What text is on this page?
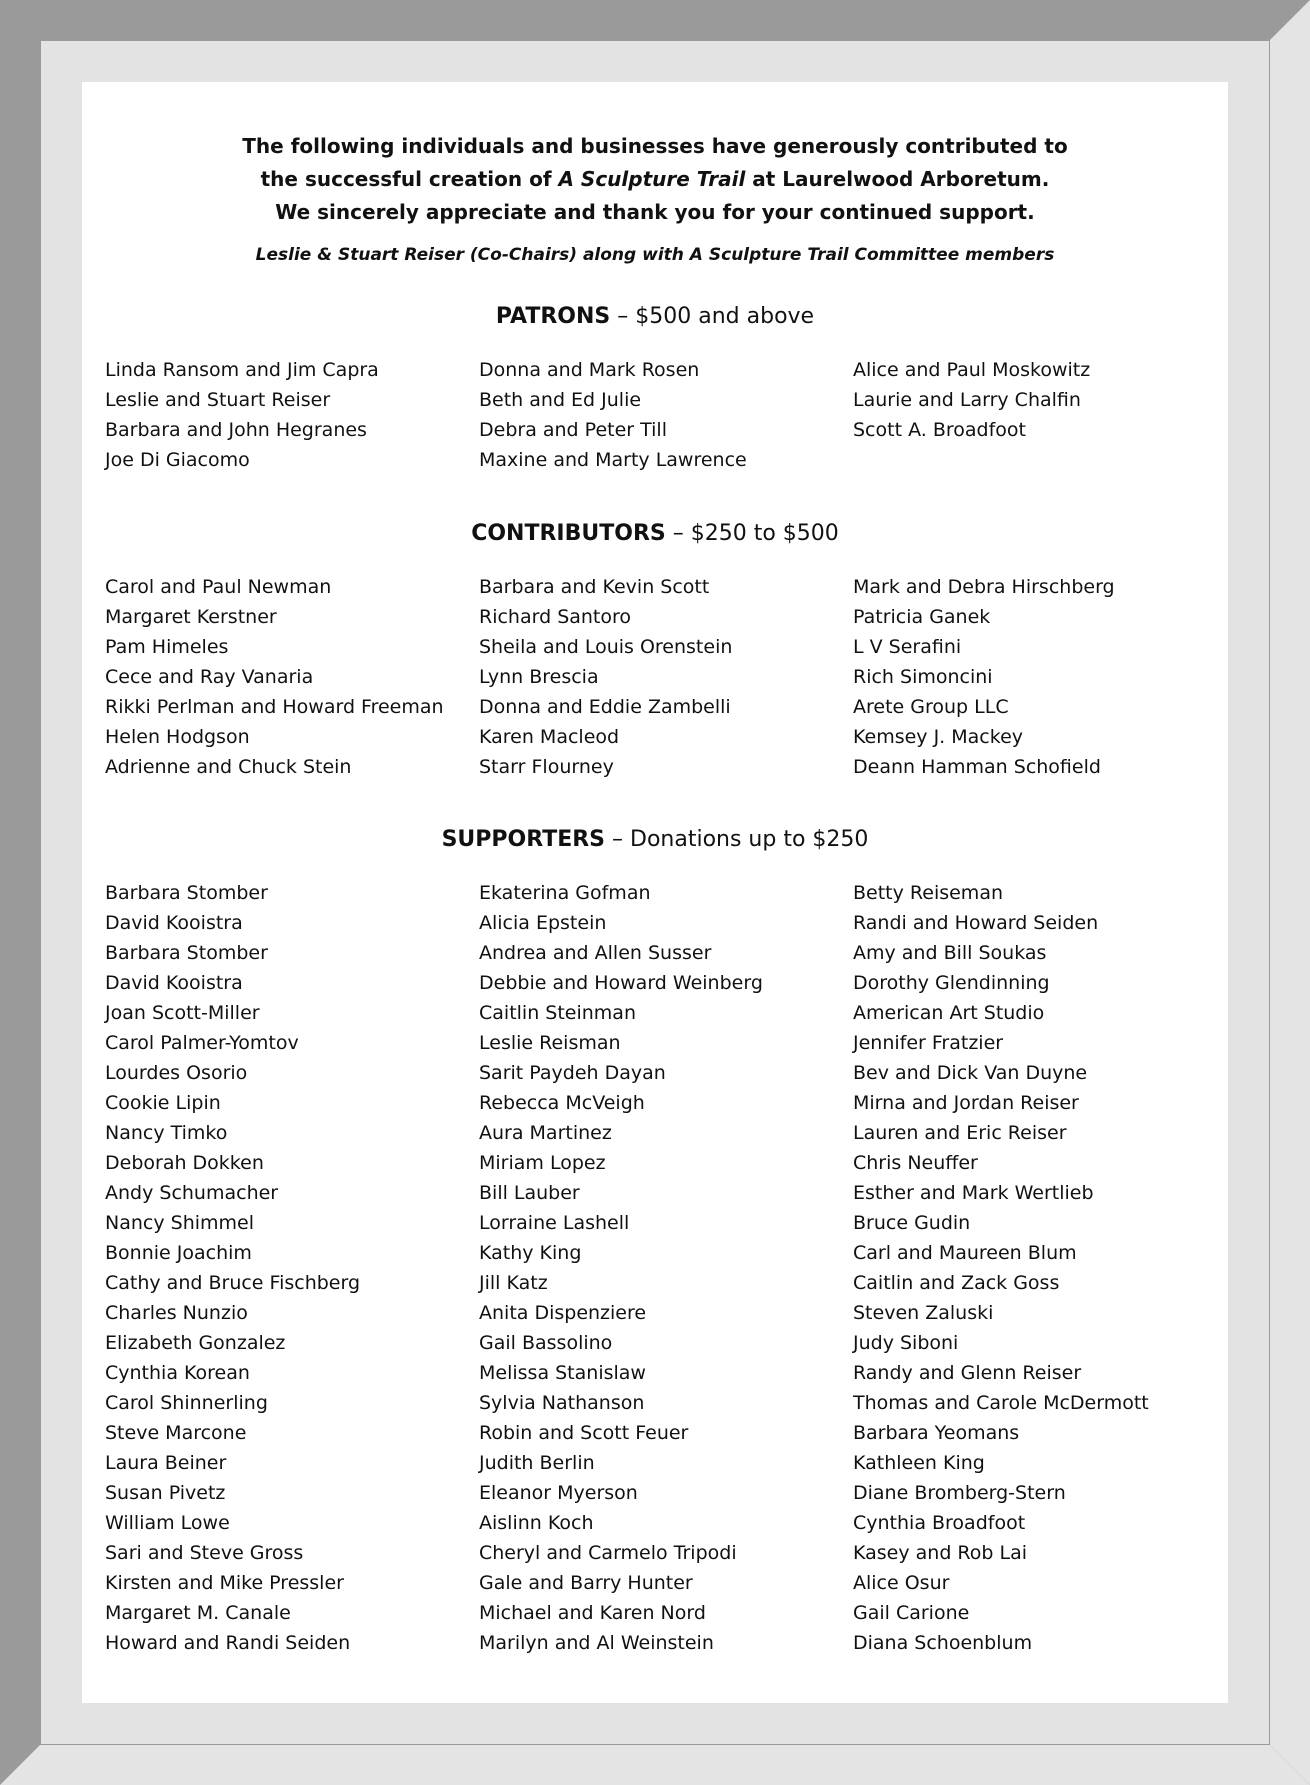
The following individuals and businesses have generously contributed to
the successful creation of A Sculpture Trail at Laurelwood Arboretum.
We sincerely appreciate and thank you for your continued support.
Leslie & Stuart Reiser (Co-Chairs) along with A Sculpture Trail Committee members
PATRONS – $500 and above
Linda Ransom and Jim Capra
Leslie and Stuart Reiser
Barbara and John Hegranes
Joe Di Giacomo
Donna and Mark Rosen
Beth and Ed Julie
Debra and Peter Till
Maxine and Marty Lawrence
Alice and Paul Moskowitz
Laurie and Larry Chalfin
Scott A. Broadfoot
CONTRIBUTORS – $250 to $500
Carol and Paul Newman
Margaret Kerstner
Pam Himeles
Cece and Ray Vanaria
Rikki Perlman and Howard Freeman
Helen Hodgson
Adrienne and Chuck Stein
Barbara and Kevin Scott
Richard Santoro
Sheila and Louis Orenstein
Lynn Brescia
Donna and Eddie Zambelli
Karen Macleod
Starr Flourney
Mark and Debra Hirschberg
Patricia Ganek
L V Serafini
Rich Simoncini
Arete Group LLC
Kemsey J. Mackey
Deann Hamman Schofield
SUPPORTERS – Donations up to $250
Barbara Stomber
David Kooistra
Barbara Stomber
David Kooistra
Joan Scott-Miller
Carol Palmer-Yomtov
Lourdes Osorio
Cookie Lipin
Nancy Timko
Deborah Dokken
Andy Schumacher
Nancy Shimmel
Bonnie Joachim
Cathy and Bruce Fischberg
Charles Nunzio
Elizabeth Gonzalez
Cynthia Korean
Carol Shinnerling
Steve Marcone
Laura Beiner
Susan Pivetz
William Lowe
Sari and Steve Gross
Kirsten and Mike Pressler
Margaret M. Canale
Howard and Randi Seiden
Ekaterina Gofman
Alicia Epstein
Andrea and Allen Susser
Debbie and Howard Weinberg
Caitlin Steinman
Leslie Reisman
Sarit Paydeh Dayan
Rebecca McVeigh
Aura Martinez
Miriam Lopez
Bill Lauber
Lorraine Lashell
Kathy King
Jill Katz
Anita Dispenziere
Gail Bassolino
Melissa Stanislaw
Sylvia Nathanson
Robin and Scott Feuer
Judith Berlin
Eleanor Myerson
Aislinn Koch
Cheryl and Carmelo Tripodi
Gale and Barry Hunter
Michael and Karen Nord
Marilyn and Al Weinstein
Betty Reiseman
Randi and Howard Seiden
Amy and Bill Soukas
Dorothy Glendinning
American Art Studio
Jennifer Fratzier
Bev and Dick Van Duyne
Mirna and Jordan Reiser
Lauren and Eric Reiser
Chris Neuffer
Esther and Mark Wertlieb
Bruce Gudin
Carl and Maureen Blum
Caitlin and Zack Goss
Steven Zaluski
Judy Siboni
Randy and Glenn Reiser
Thomas and Carole McDermott
Barbara Yeomans
Kathleen King
Diane Bromberg-Stern
Cynthia Broadfoot
Kasey and Rob Lai
Alice Osur
Gail Carione
Diana Schoenblum
